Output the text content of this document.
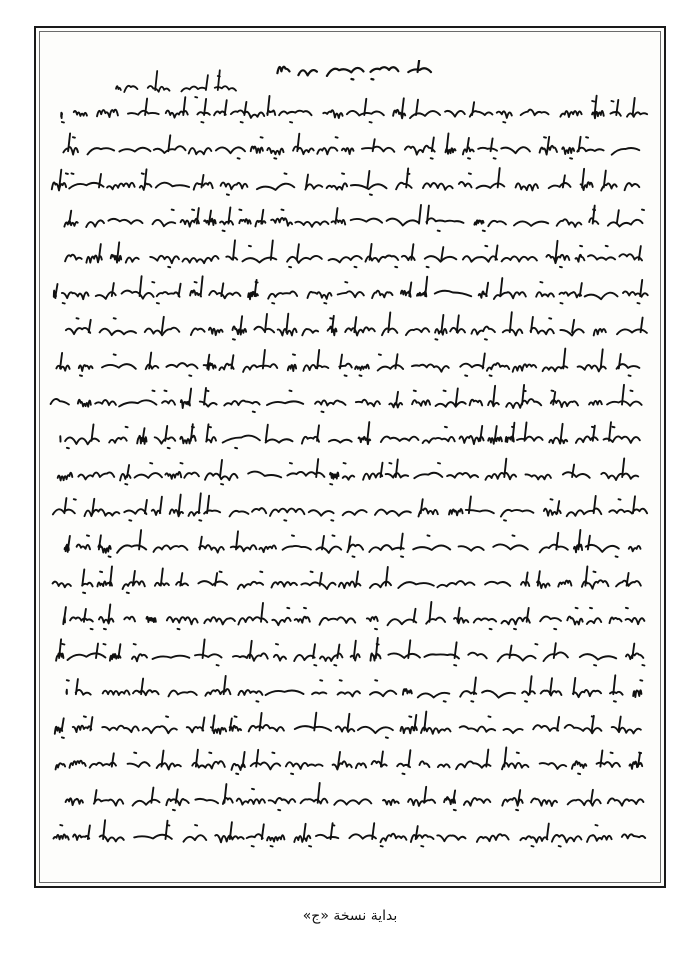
بداية نسخة «ج»
